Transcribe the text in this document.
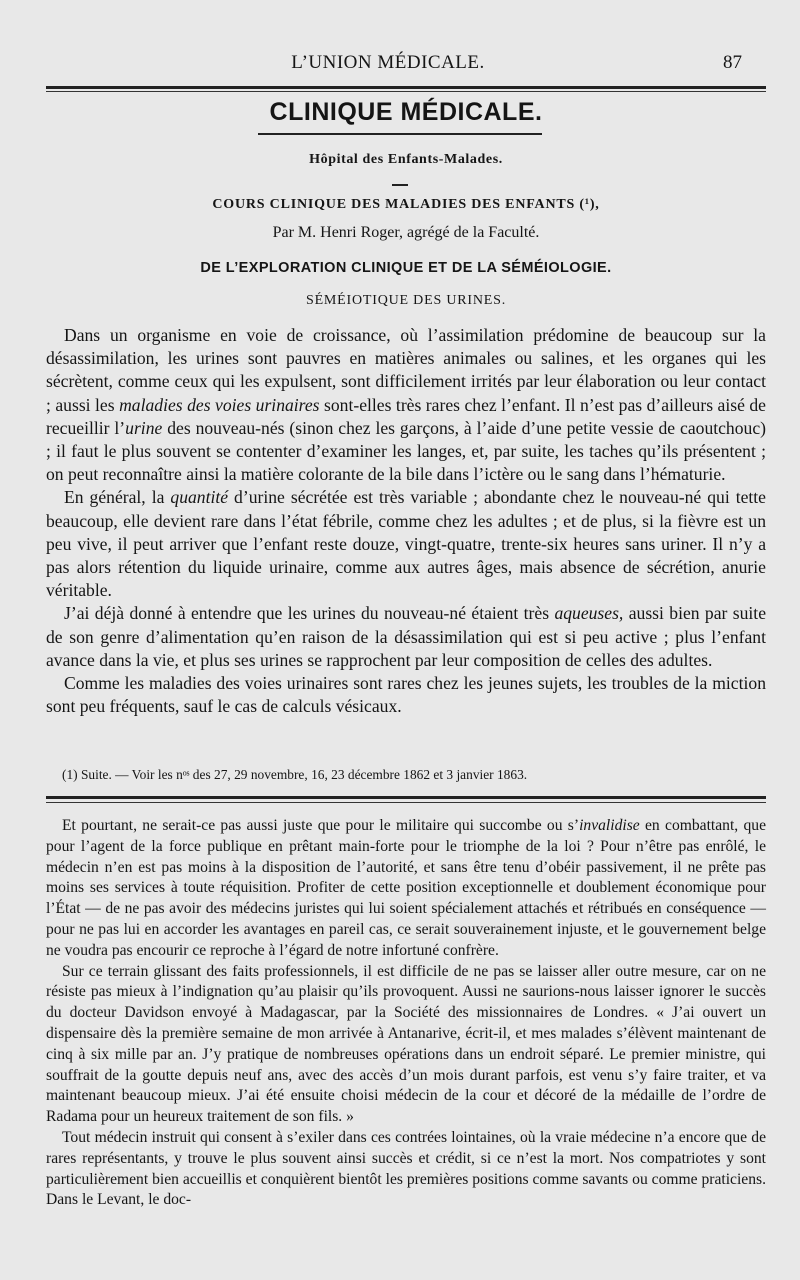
L’UNION MÉDICALE.	87
CLINIQUE MÉDICALE.
Hôpital des Enfants-Malades.
COURS CLINIQUE DES MALADIES DES ENFANTS (¹),
Par M. Henri Roger, agrégé de la Faculté.
DE L’EXPLORATION CLINIQUE ET DE LA SÉMÉIOLOGIE.
SÉMÉIOTIQUE DES URINES.

Dans un organisme en voie de croissance, où l’assimilation prédomine de beaucoup sur la désassimilation, les urines sont pauvres en matières animales ou salines, et les organes qui les sécrètent, comme ceux qui les expulsent, sont difficilement irrités par leur élaboration ou leur contact ; aussi les maladies des voies urinaires sont-elles très rares chez l’enfant. Il n’est pas d’ailleurs aisé de recueillir l’urine des nouveau-nés (sinon chez les garçons, à l’aide d’une petite vessie de caoutchouc) ; il faut le plus souvent se contenter d’examiner les langes, et, par suite, les taches qu’ils présentent ; on peut reconnaître ainsi la matière colorante de la bile dans l’ictère ou le sang dans l’hématurie.

En général, la quantité d’urine sécrétée est très variable ; abondante chez le nouveau-né qui tette beaucoup, elle devient rare dans l’état fébrile, comme chez les adultes ; et de plus, si la fièvre est un peu vive, il peut arriver que l’enfant reste douze, vingt-quatre, trente-six heures sans uriner. Il n’y a pas alors rétention du liquide urinaire, comme aux autres âges, mais absence de sécrétion, anurie véritable.

J’ai déjà donné à entendre que les urines du nouveau-né étaient très aqueuses, aussi bien par suite de son genre d’alimentation qu’en raison de la désassimilation qui est si peu active ; plus l’enfant avance dans la vie, et plus ses urines se rapprochent par leur composition de celles des adultes.

Comme les maladies des voies urinaires sont rares chez les jeunes sujets, les troubles de la miction sont peu fréquents, sauf le cas de calculs vésicaux.

(1) Suite. — Voir les nᵒˢ des 27, 29 novembre, 16, 23 décembre 1862 et 3 janvier 1863.

Et pourtant, ne serait-ce pas aussi juste que pour le militaire qui succombe ou s’invalidise en combattant, que pour l’agent de la force publique en prêtant main-forte pour le triomphe de la loi ? Pour n’être pas enrôlé, le médecin n’en est pas moins à la disposition de l’autorité, et sans être tenu d’obéir passivement, il ne prête pas moins ses services à toute réquisition. Profiter de cette position exceptionnelle et doublement économique pour l’État — de ne pas avoir des médecins juristes qui lui soient spécialement attachés et rétribués en conséquence — pour ne pas lui en accorder les avantages en pareil cas, ce serait souverainement injuste, et le gouvernement belge ne voudra pas encourir ce reproche à l’égard de notre infortuné confrère.

Sur ce terrain glissant des faits professionnels, il est difficile de ne pas se laisser aller outre mesure, car on ne résiste pas mieux à l’indignation qu’au plaisir qu’ils provoquent. Aussi ne saurions-nous laisser ignorer le succès du docteur Davidson envoyé à Madagascar, par la Société des missionnaires de Londres. « J’ai ouvert un dispensaire dès la première semaine de mon arrivée à Antanarive, écrit-il, et mes malades s’élèvent maintenant de cinq à six mille par an. J’y pratique de nombreuses opérations dans un endroit séparé. Le premier ministre, qui souffrait de la goutte depuis neuf ans, avec des accès d’un mois durant parfois, est venu s’y faire traiter, et va maintenant beaucoup mieux. J’ai été ensuite choisi médecin de la cour et décoré de la médaille de l’ordre de Radama pour un heureux traitement de son fils. »

Tout médecin instruit qui consent à s’exiler dans ces contrées lointaines, où la vraie médecine n’a encore que de rares représentants, y trouve le plus souvent ainsi succès et crédit, si ce n’est la mort. Nos compatriotes y sont particulièrement bien accueillis et conquièrent bientôt les premières positions comme savants ou comme praticiens. Dans le Levant, le doc-
